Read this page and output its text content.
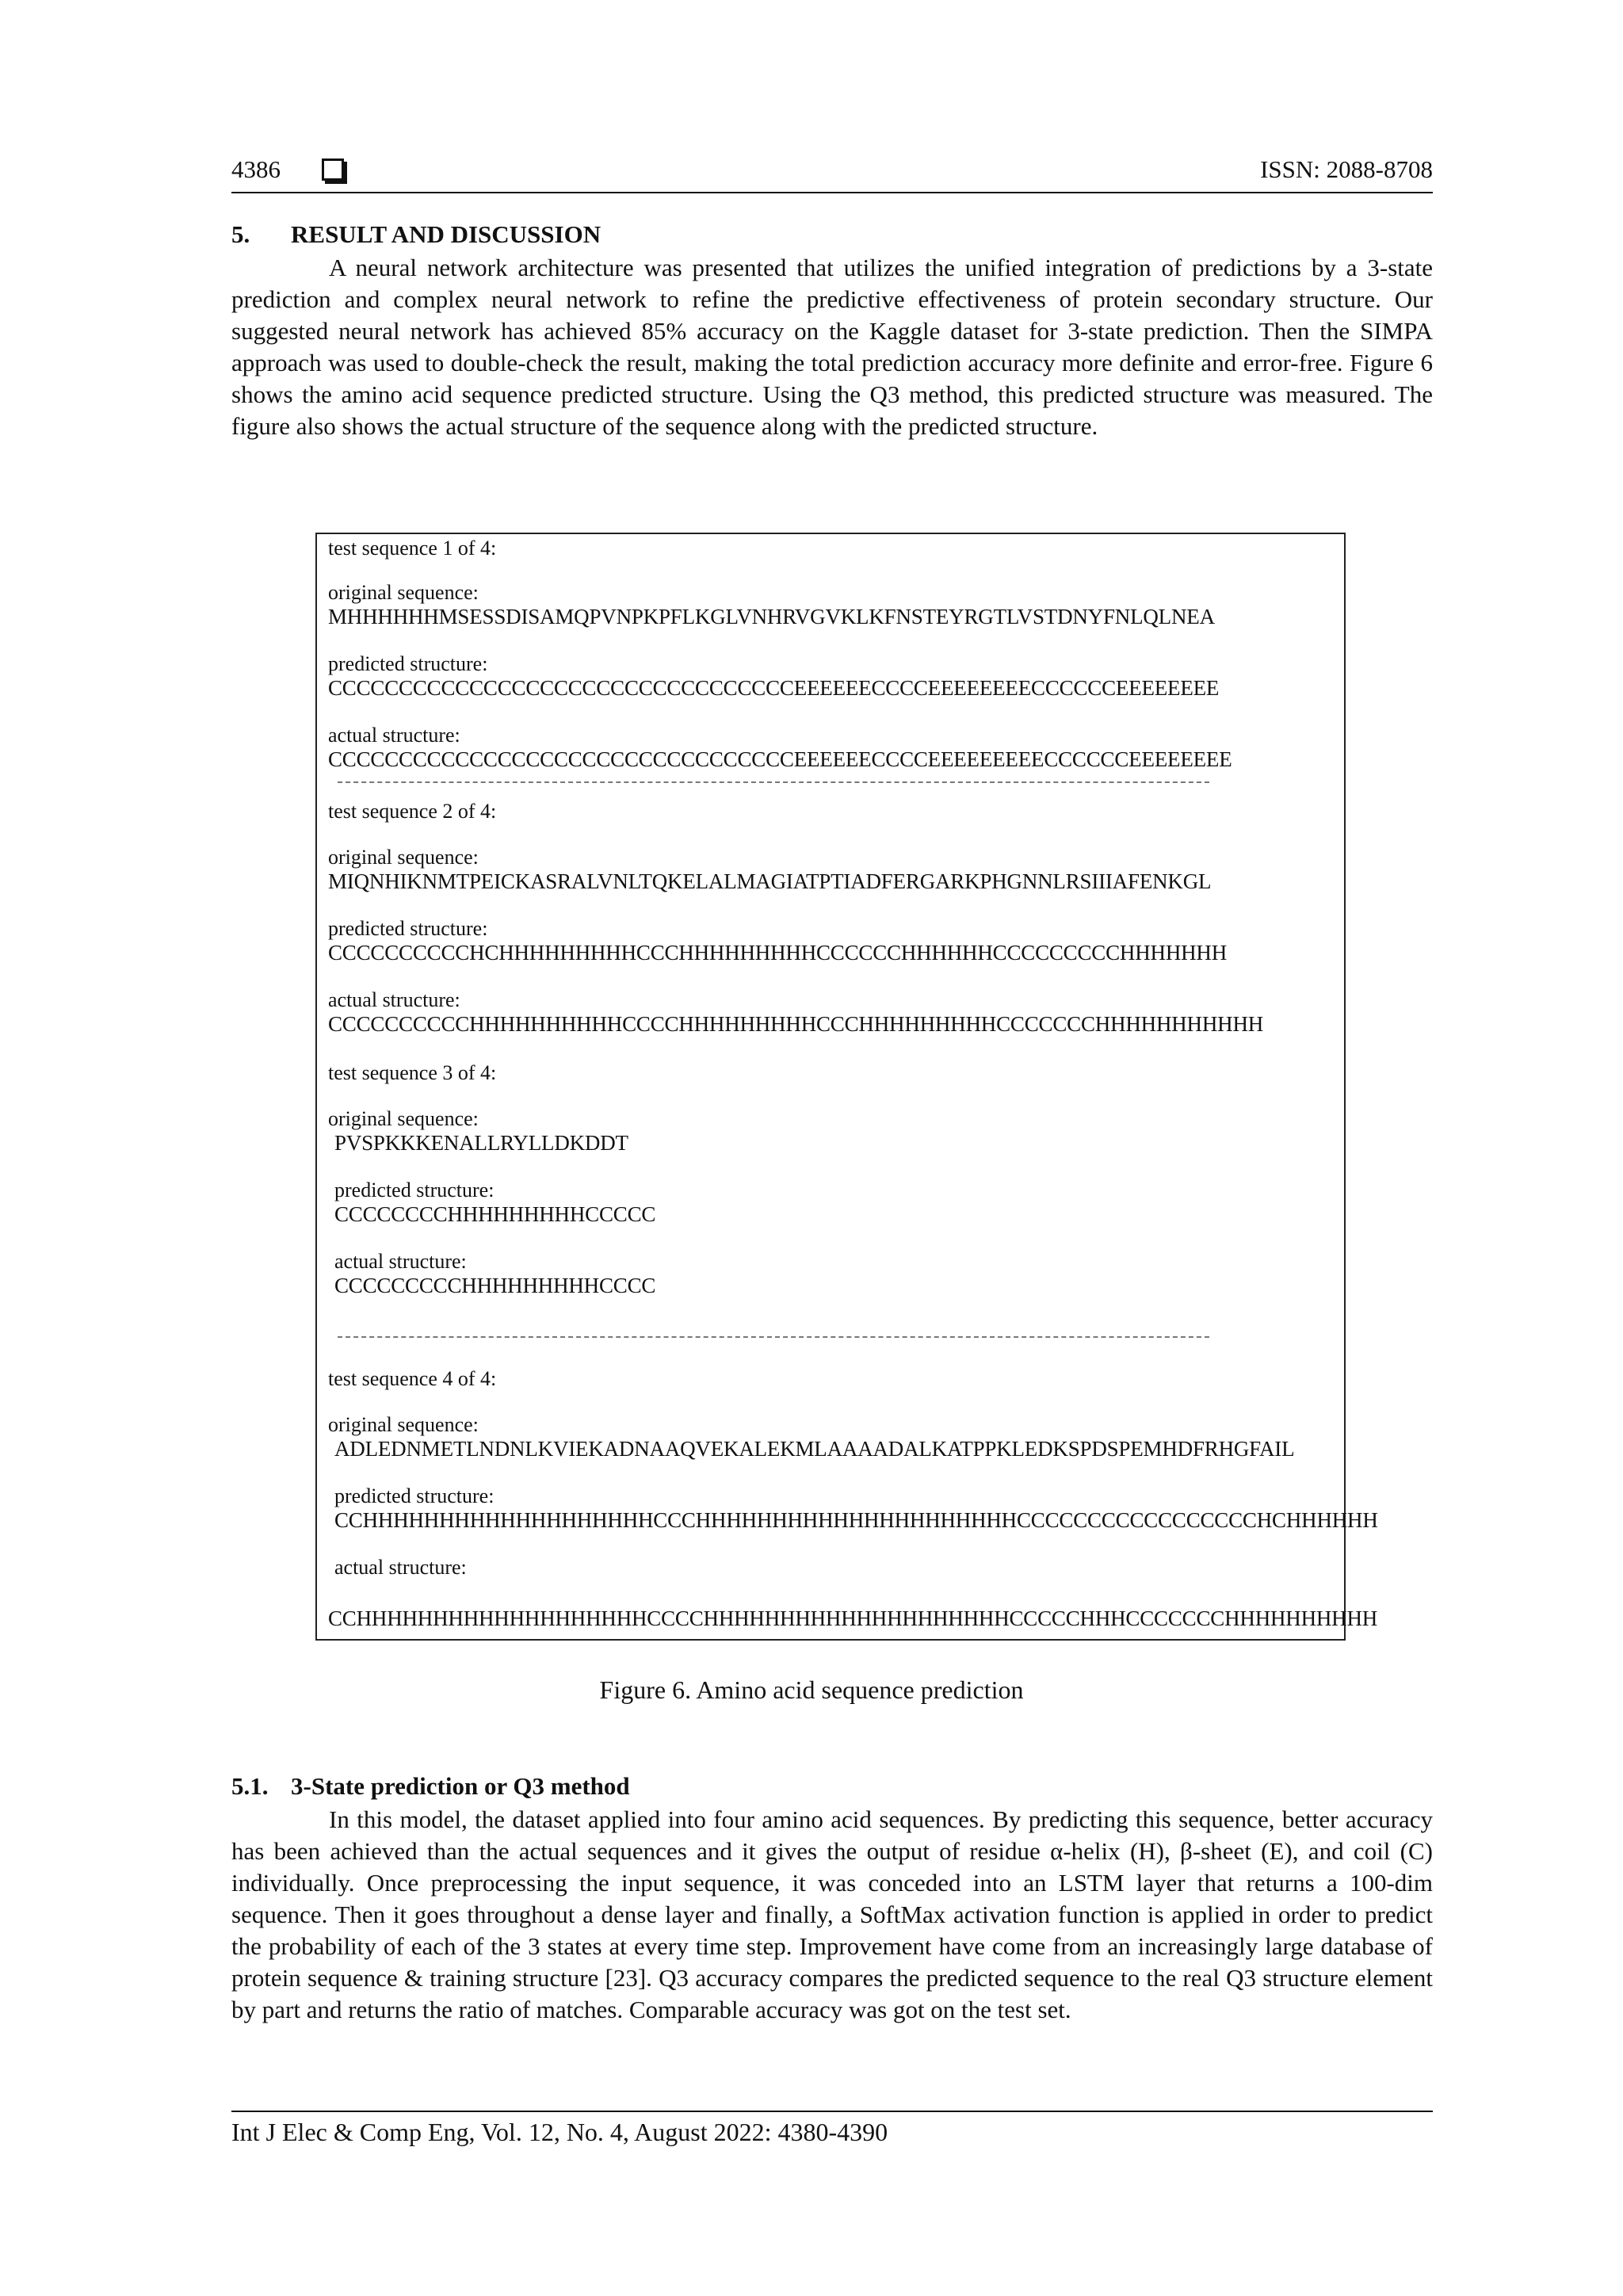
4386	ISSN: 2088-8708
5. RESULT AND DISCUSSION

A neural network architecture was presented that utilizes the unified integration of predictions by a 3-state prediction and complex neural network to refine the predictive effectiveness of protein secondary structure. Our suggested neural network has achieved 85% accuracy on the Kaggle dataset for 3-state prediction. Then the SIMPA approach was used to double-check the result, making the total prediction accuracy more definite and error-free. Figure 6 shows the amino acid sequence predicted structure. Using the Q3 method, this predicted structure was measured. The figure also shows the actual structure of the sequence along with the predicted structure.

test sequence 1 of 4:
original sequence:
MHHHHHHMSESSDISAMQPVNPKPFLKGLVNHRVGVKLKFNSTEYRGTLVSTDNYFNLQLNEA
predicted structure:
CCCCCCCCCCCCCCCCCCCCCCCCCCCCCCCCCEEEEEECCCCEEEEEEEECCCCCCEEEEEEEE
actual structure:
CCCCCCCCCCCCCCCCCCCCCCCCCCCCCCCCCEEEEEECCCCEEEEEEEEECCCCCCEEEEEEEE
test sequence 2 of 4:
original sequence:
MIQNHIKNMTPEICKASRALVNLTQKELALMAGIATPTIADFERGARKPHGNNLRSIIIAFENKGL
predicted structure:
CCCCCCCCCCHCHHHHHHHHHCCCHHHHHHHHHCCCCCCHHHHHHCCCCCCCCCHHHHHHH
actual structure:
CCCCCCCCCCHHHHHHHHHHCCCCHHHHHHHHHCCCHHHHHHHHHCCCCCCCHHHHHHHHHHH
test sequence 3 of 4:
original sequence:
PVSPKKKENALLRYLLDKDDT
predicted structure:
CCCCCCCCHHHHHHHHHCCCCC
actual structure:
CCCCCCCCCHHHHHHHHHCCCC
test sequence 4 of 4:
original sequence:
ADLEDNMETLNDNLKVIEKADNAAQVEKALEKMLAAAADALKATPPKLEDKSPDSPEMHDFRHGFAIL
predicted structure:
CCHHHHHHHHHHHHHHHHHHHCCCHHHHHHHHHHHHHHHHHHHHHCCCCCCCCCCCCCCCCCHCHHHHHH
actual structure:
CCHHHHHHHHHHHHHHHHHHHCCCCHHHHHHHHHHHHHHHHHHHHCCCCCHHHCCCCCCCHHHHHHHHHH
Figure 6. Amino acid sequence prediction
5.1. 3-State prediction or Q3 method

In this model, the dataset applied into four amino acid sequences. By predicting this sequence, better accuracy has been achieved than the actual sequences and it gives the output of residue α-helix (H), β-sheet (E), and coil (C) individually. Once preprocessing the input sequence, it was conceded into an LSTM layer that returns a 100-dim sequence. Then it goes throughout a dense layer and finally, a SoftMax activation function is applied in order to predict the probability of each of the 3 states at every time step. Improvement have come from an increasingly large database of protein sequence & training structure [23]. Q3 accuracy compares the predicted sequence to the real Q3 structure element by part and returns the ratio of matches. Comparable accuracy was got on the test set.

Int J Elec & Comp Eng, Vol. 12, No. 4, August 2022: 4380-4390
